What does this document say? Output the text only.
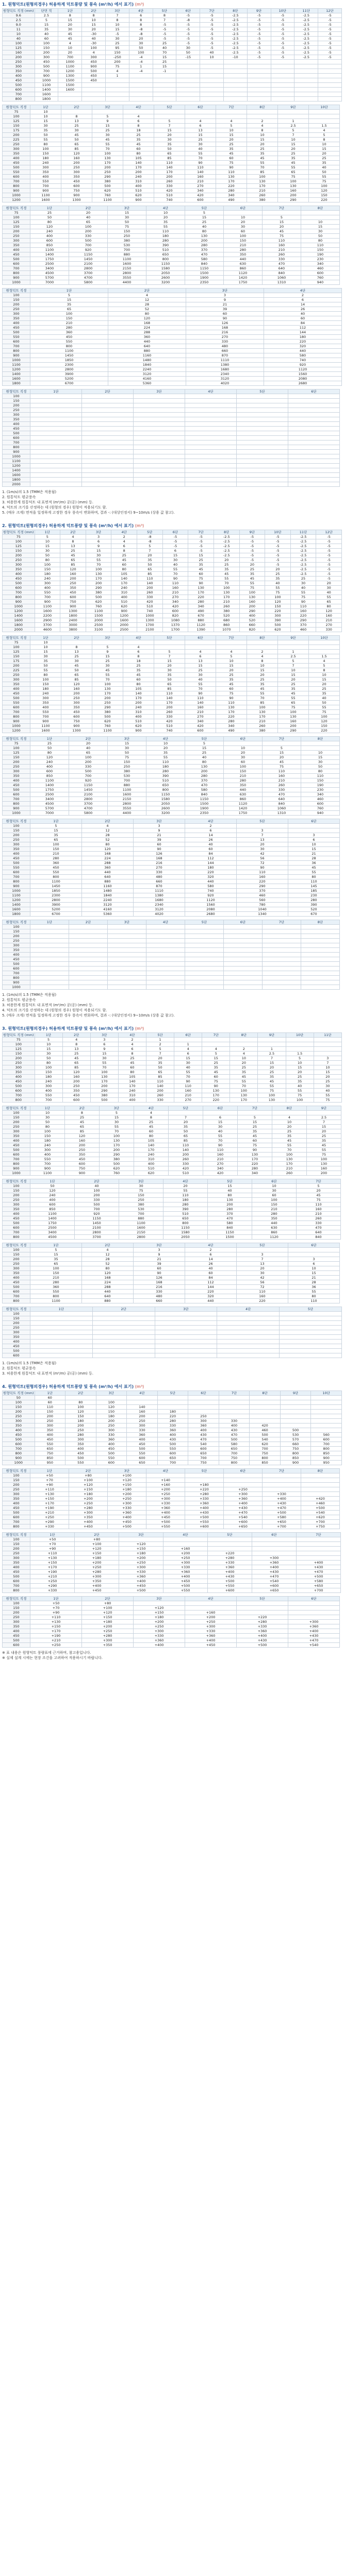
1. 원형덕트(원형의경우) 허용하계 덕트풍량 및 풍속 (m³/h) 에서 표기) (m³)
원형덕트 직경 (mm)	단면 적	1단	2단	3단	4단	5단	6단	7단	8단	9단	10단	11단	12단
9.6	2.5	8	8	7	6	8	-5	-5	-2.5	-5	-5	-2.5	-5
2.5	5	15	10	8	8	7	-8	-5	-2.5	-5	-5	-2.5	-5
9.0	15	20	15	10	8	-5	-5	-5	-2.5	-5	-5	-2.5	-5
11	35	30	20	15	-8	-5	-5	-5	-2.5	-5	-5	-2.5	-5
10	40	45	-30	-5	-8	-5	-5	-5	-2.5	-5	-5	-2.5	-5
40	60	45	40	30	20	-5	-5	-5	-2.5	-5	-5	-2.5	-5
100	100	4	-30	25	30	25	-5	-5	-2.5	-5	-5	-2.5	-5
125	150	10	100	95	50	40	30	-5	-2.5	-5	-5	-2.5	-5
160	200	20	4	150	100	70	50	40	-2.5	-5	-5	-2.5	-5
200	300	700	300	-250	-4	15	-15	10	-10	-5	-5	-2.5	-5
250	450	1000	450	200	-4	25							
300	500	1100	900	75	1	15							
350	700	1200	500	4	-4	-1							
400	900	1300	450	1									
450	1000	1500	450										
500	1100	1500											
600	1400	1600											
700	1600												
800	1800												
원형덕트 직경	1단	2단	3단	4단	5단	6단	7단	8단	9단	10단
75	10									
100	10	8	5	4						
125	15	13	9	6	5	4	4	2	1	
150	30	25	15	8	7	6	5	4	2.5	1.5
175	35	30	25	18	15	13	10	8	5	4
200	50	45	30	25	20	15	15	10	7	5
225	55	50	45	35	30	25	20	15	10	8
250	80	65	55	45	35	30	25	20	15	10
300	100	85	70	60	50	40	35	25	20	15
350	150	120	100	80	65	55	45	35	25	20
400	180	160	130	105	85	70	60	45	35	25
450	240	200	170	140	110	90	75	55	45	35
500	300	250	200	170	140	110	90	70	55	40
550	350	300	250	200	170	140	110	85	65	50
600	400	350	290	240	200	160	130	100	75	55
700	550	450	380	310	260	210	170	130	100	75
800	700	600	500	400	330	270	220	170	130	100
900	900	750	620	510	420	340	280	210	160	120
1000	1100	900	760	620	510	420	340	260	200	150
1200	1600	1300	1100	900	740	600	490	380	290	220
원형덕트 직경	1단	2단	3단	4단	5단	6단	7단	8단
75	25	20	15	10	5			
100	50	40	30	20	15	10	5	
125	80	65	50	35	25	20	15	10
150	120	100	75	55	40	30	20	15
200	240	200	150	110	80	60	45	30
250	400	330	250	180	130	100	75	50
300	600	500	380	280	200	150	110	80
350	850	700	530	390	280	210	160	110
400	1100	920	700	510	370	280	210	150
450	1400	1150	880	650	470	350	260	190
500	1750	1450	1100	800	580	440	330	230
600	2500	2100	1600	1150	840	630	470	340
700	3400	2800	2150	1580	1150	860	640	460
800	4500	3700	2800	2050	1500	1120	840	600
900	5700	4700	3550	2600	1900	1420	1060	760
1000	7000	5800	4400	3200	2350	1750	1310	940
원형덕트 직경	1단	2단	3단	4단
100	5	4	3	2
150	15	12	9	6
200	35	28	21	14
250	65	52	39	26
300	100	80	60	40
350	150	120	90	60
400	210	168	126	84
450	280	224	168	112
500	360	288	216	144
550	450	360	270	180
600	550	440	330	220
700	800	640	480	320
800	1100	880	660	440
900	1450	1160	870	580
1000	1850	1480	1110	740
1100	2300	1840	1380	920
1200	2800	2240	1680	1120
1400	3900	3120	2340	1560
1600	5200	4160	3120	2080
1800	6700	5360	4020	2680
원형덕트 직경	1단	2단	3단	4단	5단	6단
100						
150						
200						
250						
300						
350						
400						
450						
500						
600						
700						
800						
900						
1000						
1100						
1200						
1400						
1600						
1800						
2000						
1. (1m/s)의 1.5 (TMM은 적용됨)
2. 원통덕트 평균풍속
3. 허용한계 원통덕트 내 표면적 (m²/m) 공(공) (mm) 등.
4. 덕트의 크기를 산정하는 데 (원형의 경우) 원형이 적용되기도 함.
5. (매우 크게) 면적을 일정하게 고정한 경우 풍속이 변화하며, 결과 -: (대상인정서) 9~10m/s (상용 값 참고).
2. 원형덕트(원형의경우) 허용하계 덕트풍량 및 풍속 (m³/h) 에서 표기) (m³)
원형덕트 직경 (mm)	1단	2단	3단	4단	5단	6단	7단	8단	9단	10단	11단	12단
75	5	4	3	2	-8	-5	-5	-2.5	-5	-5	-2.5	-5
100	10	8	6	4	-8	-5	-5	-2.5	-5	-5	-2.5	-5
125	15	13	9	6	5	-5	-5	-2.5	-5	-5	-2.5	-5
150	30	25	15	8	7	6	-5	-2.5	-5	-5	-2.5	-5
200	50	45	30	25	20	15	15	-2.5	-5	-5	-2.5	-5
250	80	65	55	45	35	30	25	20	-5	-5	-2.5	-5
300	100	85	70	60	50	40	35	25	20	-5	-2.5	-5
350	150	120	100	80	65	55	45	35	25	20	-2.5	-5
400	180	160	130	105	85	70	60	45	35	25	-2.5	-5
450	240	200	170	140	110	90	75	55	45	35	25	-5
500	300	250	200	170	140	110	90	70	55	40	30	20
600	400	350	290	240	200	160	130	100	75	55	40	30
700	550	450	380	310	260	210	170	130	100	75	55	40
800	700	600	500	400	330	270	220	170	130	100	75	55
900	900	750	620	510	420	340	280	210	160	120	90	65
1000	1100	900	760	620	510	420	340	260	200	150	110	80
1200	1600	1300	1100	900	740	600	490	380	290	220	160	120
1400	2200	1800	1500	1200	1000	820	670	520	400	300	220	160
1600	2900	2400	2000	1600	1300	1080	880	680	520	390	290	210
1800	3700	3000	2500	2000	1700	1370	1120	860	660	500	370	270
2000	4600	3800	3100	2500	2100	1700	1390	1070	820	620	460	330
원형덕트 직경	1단	2단	3단	4단	5단	6단	7단	8단	9단	10단
75	10									
100	10	8	5	4						
125	15	13	9	6	5	4	4	2	1	
150	30	25	15	8	7	6	5	4	2.5	1.5
175	35	30	25	18	15	13	10	8	5	4
200	50	45	30	25	20	15	15	10	7	5
225	55	50	45	35	30	25	20	15	10	8
250	80	65	55	45	35	30	25	20	15	10
300	100	85	70	60	50	40	35	25	20	15
350	150	120	100	80	65	55	45	35	25	20
400	180	160	130	105	85	70	60	45	35	25
450	240	200	170	140	110	90	75	55	45	35
500	300	250	200	170	140	110	90	70	55	40
550	350	300	250	200	170	140	110	85	65	50
600	400	350	290	240	200	160	130	100	75	55
700	550	450	380	310	260	210	170	130	100	75
800	700	600	500	400	330	270	220	170	130	100
900	900	750	620	510	420	340	280	210	160	120
1000	1100	900	760	620	510	420	340	260	200	150
1200	1600	1300	1100	900	740	600	490	380	290	220
원형덕트 직경	1단	2단	3단	4단	5단	6단	7단	8단
75	25	20	15	10	5			
100	50	40	30	20	15	10	5	
125	80	65	50	35	25	20	15	10
150	120	100	75	55	40	30	20	15
200	240	200	150	110	80	60	45	30
250	400	330	250	180	130	100	75	50
300	600	500	380	280	200	150	110	80
350	850	700	530	390	280	210	160	110
400	1100	920	700	510	370	280	210	150
450	1400	1150	880	650	470	350	260	190
500	1750	1450	1100	800	580	440	330	230
600	2500	2100	1600	1150	840	630	470	340
700	3400	2800	2150	1580	1150	860	640	460
800	4500	3700	2800	2050	1500	1120	840	600
900	5700	4700	3550	2600	1900	1420	1060	760
1000	7000	5800	4400	3200	2350	1750	1310	940
원형덕트 직경	1단	2단	3단	4단	5단	6단
100	5	4	3	2		
150	15	12	9	6	3	
200	35	28	21	14	7	3
250	65	52	39	26	13	6
300	100	80	60	40	20	10
350	150	120	90	60	30	15
400	210	168	126	84	42	21
450	280	224	168	112	56	28
500	360	288	216	144	72	36
550	450	360	270	180	90	45
600	550	440	330	220	110	55
700	800	640	480	320	160	80
800	1100	880	660	440	220	110
900	1450	1160	870	580	290	145
1000	1850	1480	1110	740	370	185
1100	2300	1840	1380	920	460	230
1200	2800	2240	1680	1120	560	280
1400	3900	3120	2340	1560	780	390
1600	5200	4160	3120	2080	1040	520
1800	6700	5360	4020	2680	1340	670
원형덕트 직경	1단	2단	3단	4단	5단	6단	7단	8단
100								
150								
200								
250								
300								
350								
400								
450								
500								
600								
700								
800								
900								
1000								
1. (1m/s)의 1.5 (TMM은 적용됨)
2. 원통덕트 평균풍속
3. 허용한계 원통덕트 내 표면적 (m²/m) 공(공) (mm) 등.
4. 덕트의 크기를 산정하는 데 (원형의 경우) 원형이 적용되기도 함.
5. (매우 크게) 면적을 일정하게 고정한 경우 풍속이 변화하며, 결과 -: (대상인정서) 9~10m/s (상용 값 참고).
3. 원형덕트(원형의경우) 허용하계 덕트풍량 및 풍속 (m³/h) 에서 표기) (m³)
원형덕트 직경 (mm)	1단	2단	3단	4단	5단	6단	7단	8단	9단	10단	11단
75	5	4	3	2	1						
100	10	8	6	4	2	1					
125	15	13	9	6	5	4	4	2	1		
150	30	25	15	8	7	6	5	4	2.5	1.5	
200	50	45	30	25	20	15	15	10	7	5	3
250	80	65	55	45	35	30	25	20	15	10	7
300	100	85	70	60	50	40	35	25	20	15	10
350	150	120	100	80	65	55	45	35	25	20	15
400	180	160	130	105	85	70	60	45	35	25	20
450	240	200	170	140	110	90	75	55	45	35	25
500	300	250	200	170	140	110	90	70	55	40	30
600	400	350	290	240	200	160	130	100	75	55	40
700	550	450	380	310	260	210	170	130	100	75	55
800	700	600	500	400	330	270	220	170	130	100	75
원형덕트 직경	1단	2단	3단	4단	5단	6단	7단	8단	9단
100	10	8	5	4					
150	30	25	15	8	7	6	5	4	2.5
200	50	45	30	25	20	15	15	10	7
250	80	65	55	45	35	30	25	20	15
300	100	85	70	60	50	40	35	25	20
350	150	120	100	80	65	55	45	35	25
400	180	160	130	105	85	70	60	45	35
450	240	200	170	140	110	90	75	55	45
500	300	250	200	170	140	110	90	70	55
600	400	350	290	240	200	160	130	100	75
700	550	450	380	310	260	210	170	130	100
800	700	600	500	400	330	270	220	170	130
900	900	750	620	510	420	340	280	210	160
1000	1100	900	760	620	510	420	340	260	200
원형덕트 직경	1단	2단	3단	4단	5단	6단	7단
100	50	40	30	20	15	10	5
150	120	100	75	55	40	30	20
200	240	200	150	110	80	60	45
250	400	330	250	180	130	100	75
300	600	500	380	280	200	150	110
350	850	700	530	390	280	210	160
400	1100	920	700	510	370	280	210
450	1400	1150	880	650	470	350	260
500	1750	1450	1100	800	580	440	330
600	2500	2100	1600	1150	840	630	470
700	3400	2800	2150	1580	1150	860	640
800	4500	3700	2800	2050	1500	1120	840
원형덕트 직경	1단	2단	3단	4단	5단	6단
100	5	4	3	2		
150	15	12	9	6	3	
200	35	28	21	14	7	3
250	65	52	39	26	13	6
300	100	80	60	40	20	10
350	150	120	90	60	30	15
400	210	168	126	84	42	21
450	280	224	168	112	56	28
500	360	288	216	144	72	36
600	550	440	330	220	110	55
700	800	640	480	320	160	80
800	1100	880	660	440	220	110
원형덕트 직경	1단	2단	3단	4단	5단
100					
150					
200					
250					
300					
350					
400					
450					
500					
600					
1. (1m/s)의 1.5 (TMM은 적용됨)
2. 원통덕트 평균풍속
3. 허용한계 원통덕트 내 표면적 (m²/m) 공(공) (mm) 등.
4. 원형덕트(원형의경우) 허용하계 덕트풍량 및 풍속 (m³/h) 에서 표기) (m³)
원형덕트 직경 (mm)	1단	2단	3단	4단	5단	6단	7단	8단	9단	10단
50	60									
100	60	80	100							
150	110	100	120	140						
200	150	120	150	160	180					
250	200	150	180	200	220	250				
300	250	180	200	250	280	300	330			
350	300	200	250	300	330	360	400	420		
400	350	250	300	330	360	400	430	460	500	
450	400	280	330	360	400	430	470	500	530	560
500	450	300	360	400	430	470	500	540	570	600
600	550	350	400	450	500	540	580	620	660	700
700	650	400	450	500	550	600	650	700	750	800
800	750	450	500	550	600	650	700	750	800	850
900	850	500	550	600	650	700	750	800	850	900
1000	950	550	600	650	700	750	800	850	900	950
원형덕트 직경	1단	2단	3단	4단	5단	6단	7단	8단
100	+50	+80	+100					
150	+70	+100	+120	+140				
200	+90	+120	+150	+160	+180			
250	+110	+150	+180	+200	+220	+250		
300	+130	+180	+200	+250	+280	+300	+330	
350	+150	+200	+250	+300	+330	+360	+400	+420
400	+170	+250	+300	+330	+360	+400	+430	+460
450	+190	+280	+330	+360	+400	+430	+470	+500
500	+210	+300	+360	+400	+430	+470	+500	+540
600	+250	+350	+400	+450	+500	+540	+580	+620
700	+290	+400	+450	+500	+550	+600	+650	+700
800	+330	+450	+500	+550	+600	+650	+700	+750
원형덕트 직경	1단	2단	3단	4단	5단	6단	7단
100	+50	+80					
150	+70	+100	+120				
200	+90	+120	+150	+160			
250	+110	+150	+180	+200	+220		
300	+130	+180	+200	+250	+280	+300	
350	+150	+200	+250	+300	+330	+360	+400
400	+170	+250	+300	+330	+360	+400	+430
450	+190	+280	+330	+360	+400	+430	+470
500	+210	+300	+360	+400	+430	+470	+500
600	+250	+350	+400	+450	+500	+540	+580
700	+290	+400	+450	+500	+550	+600	+650
800	+330	+450	+500	+550	+600	+650	+700
원형덕트 직경	1단	2단	3단	4단	5단	6단
100	+50	+80				
150	+70	+100	+120			
200	+90	+120	+150	+160		
250	+110	+150	+180	+200	+220	
300	+130	+180	+200	+250	+280	+300
350	+150	+200	+250	+300	+330	+360
400	+170	+250	+300	+330	+360	+400
450	+190	+280	+330	+360	+400	+430
500	+210	+300	+360	+400	+430	+470
600	+250	+350	+400	+450	+500	+540
※ 표 내용은 원형덕트 풍량표에 근거하며, 참고용입니다.
※ 실제 설계 시에는 현장 조건을 고려하여 적용하시기 바랍니다.
